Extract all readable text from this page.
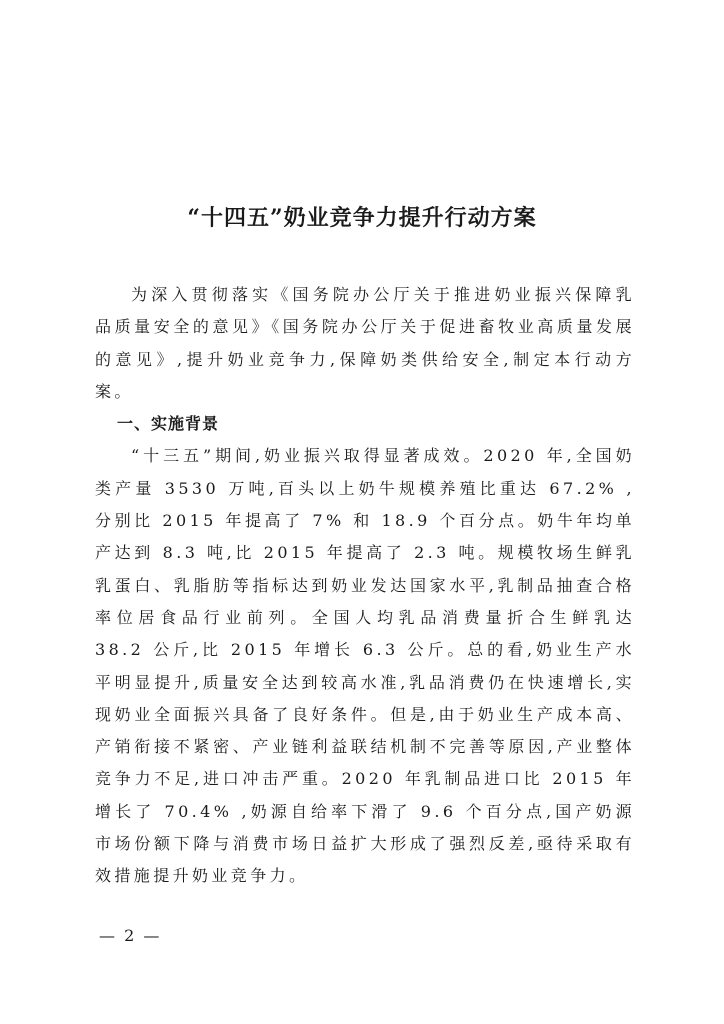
“十四五”奶业竞争力提升行动方案

为深入贯彻落实《国务院办公厅关于推进奶业振兴保障乳品质量安全的意见》《国务院办公厅关于促进畜牧业高质量发展的意见》,提升奶业竞争力,保障奶类供给安全,制定本行动方案。

一、实施背景

“十三五”期间,奶业振兴取得显著成效。2020 年,全国奶类产量 3530 万吨,百头以上奶牛规模养殖比重达 67.2% ,分别比 2015 年提高了 7% 和 18.9 个百分点。奶牛年均单产达到 8.3 吨,比 2015 年提高了 2.3 吨。规模牧场生鲜乳乳蛋白、乳脂肪等指标达到奶业发达国家水平,乳制品抽查合格率位居食品行业前列。全国人均乳品消费量折合生鲜乳达 38.2 公斤,比 2015 年增长 6.3 公斤。总的看,奶业生产水平明显提升,质量安全达到较高水准,乳品消费仍在快速增长,实现奶业全面振兴具备了良好条件。但是,由于奶业生产成本高、产销衔接不紧密、产业链利益联结机制不完善等原因,产业整体竞争力不足,进口冲击严重。2020 年乳制品进口比 2015 年增长了 70.4% ,奶源自给率下滑了 9.6 个百分点,国产奶源市场份额下降与消费市场日益扩大形成了强烈反差,亟待采取有效措施提升奶业竞争力。

— 2 —
